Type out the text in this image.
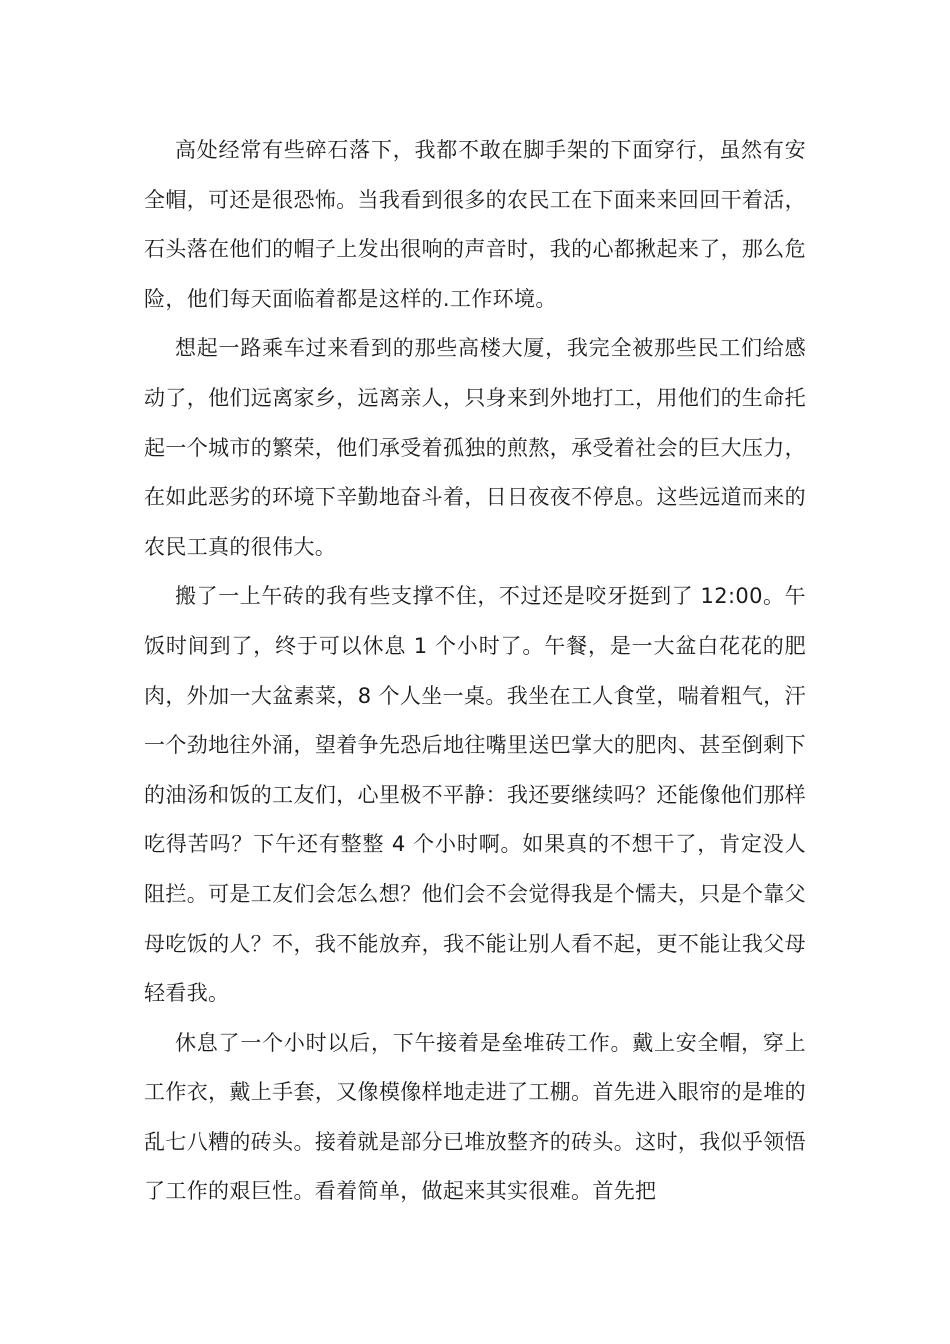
高处经常有些碎石落下，我都不敢在脚手架的下面穿行，虽然有安全帽，可还是很恐怖。当我看到很多的农民工在下面来来回回干着活，石头落在他们的帽子上发出很响的声音时，我的心都揪起来了，那么危险，他们每天面临着都是这样的.工作环境。

想起一路乘车过来看到的那些高楼大厦，我完全被那些民工们给感动了，他们远离家乡，远离亲人，只身来到外地打工，用他们的生命托起一个城市的繁荣，他们承受着孤独的煎熬，承受着社会的巨大压力，在如此恶劣的环境下辛勤地奋斗着，日日夜夜不停息。这些远道而来的农民工真的很伟大。

搬了一上午砖的我有些支撑不住，不过还是咬牙挺到了 12:00。午饭时间到了，终于可以休息 1 个小时了。午餐，是一大盆白花花的肥肉，外加一大盆素菜，8 个人坐一桌。我坐在工人食堂，喘着粗气，汗一个劲地往外涌，望着争先恐后地往嘴里送巴掌大的肥肉、甚至倒剩下的油汤和饭的工友们，心里极不平静：我还要继续吗？还能像他们那样吃得苦吗？下午还有整整 4 个小时啊。如果真的不想干了，肯定没人阻拦。可是工友们会怎么想？他们会不会觉得我是个懦夫，只是个靠父母吃饭的人？不，我不能放弃，我不能让别人看不起，更不能让我父母轻看我。

休息了一个小时以后，下午接着是垒堆砖工作。戴上安全帽，穿上工作衣，戴上手套，又像模像样地走进了工棚。首先进入眼帘的是堆的乱七八糟的砖头。接着就是部分已堆放整齐的砖头。这时，我似乎领悟了工作的艰巨性。看着简单，做起来其实很难。首先把
